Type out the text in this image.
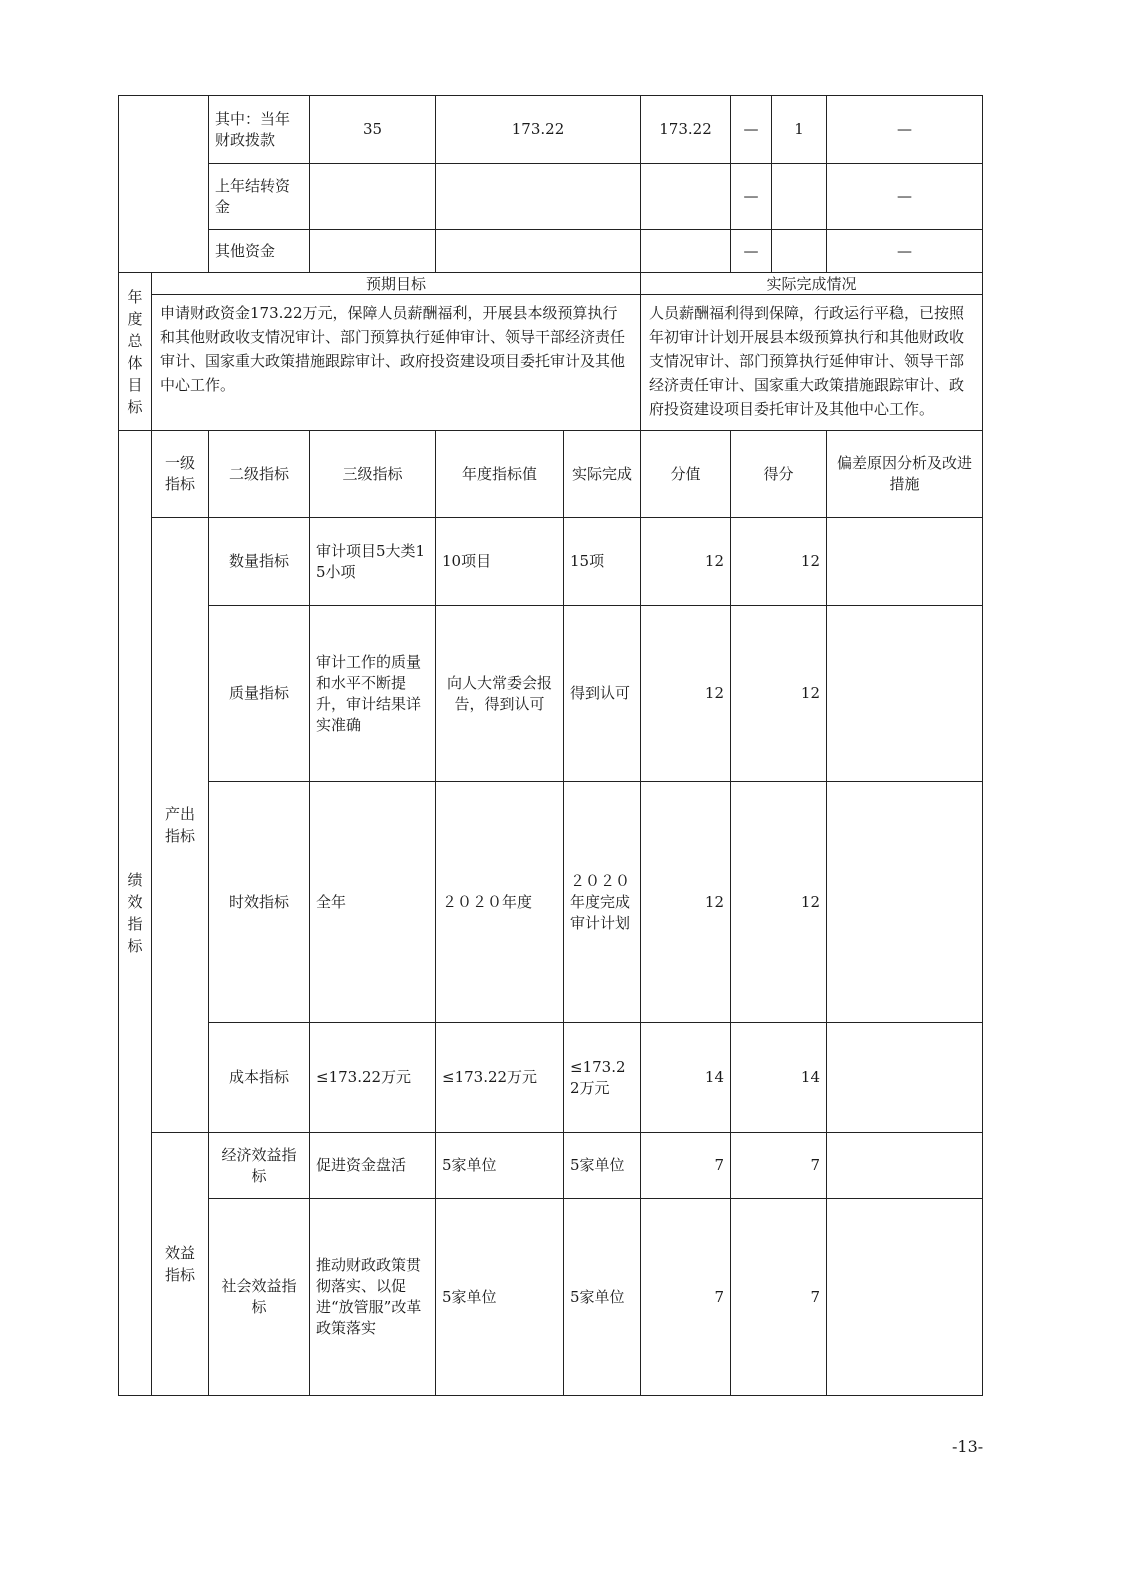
		其中：当年财政拨款	35	173.22		173.22	—	1	—
		上年结转资金					—		—
		其他资金					—		—
年度总体目标	预期目标					实际完成情况			
	申请财政资金173.22万元，保障人员薪酬福利，开展县本级预算执行和其他财政收支情况审计、部门预算执行延伸审计、领导干部经济责任审计、国家重大政策措施跟踪审计、政府投资建设项目委托审计及其他中心工作。					人员薪酬福利得到保障，行政运行平稳，已按照年初审计计划开展县本级预算执行和其他财政收支情况审计、部门预算执行延伸审计、领导干部经济责任审计、国家重大政策措施跟踪审计、政府投资建设项目委托审计及其他中心工作。			
绩效指标	一级指标	二级指标	三级指标	年度指标值	实际完成	分值	得分		偏差原因分析及改进措施
	产出指标	数量指标	审计项目5大类15小项	10项目	15项	12	12		
		质量指标	审计工作的质量和水平不断提升，审计结果详实准确	向人大常委会报告，得到认可	得到认可	12	12		
		时效指标	全年	２０２０年度	２０２０年度完成审计计划	12	12		
		成本指标	≤173.22万元	≤173.22万元	≤173.22万元	14	14		
	效益指标	经济效益指标	促进资金盘活	5家单位	5家单位	7	7		
		社会效益指标	推动财政政策贯彻落实、以促进“放管服”改革政策落实	5家单位	5家单位	7	7		
-13-
